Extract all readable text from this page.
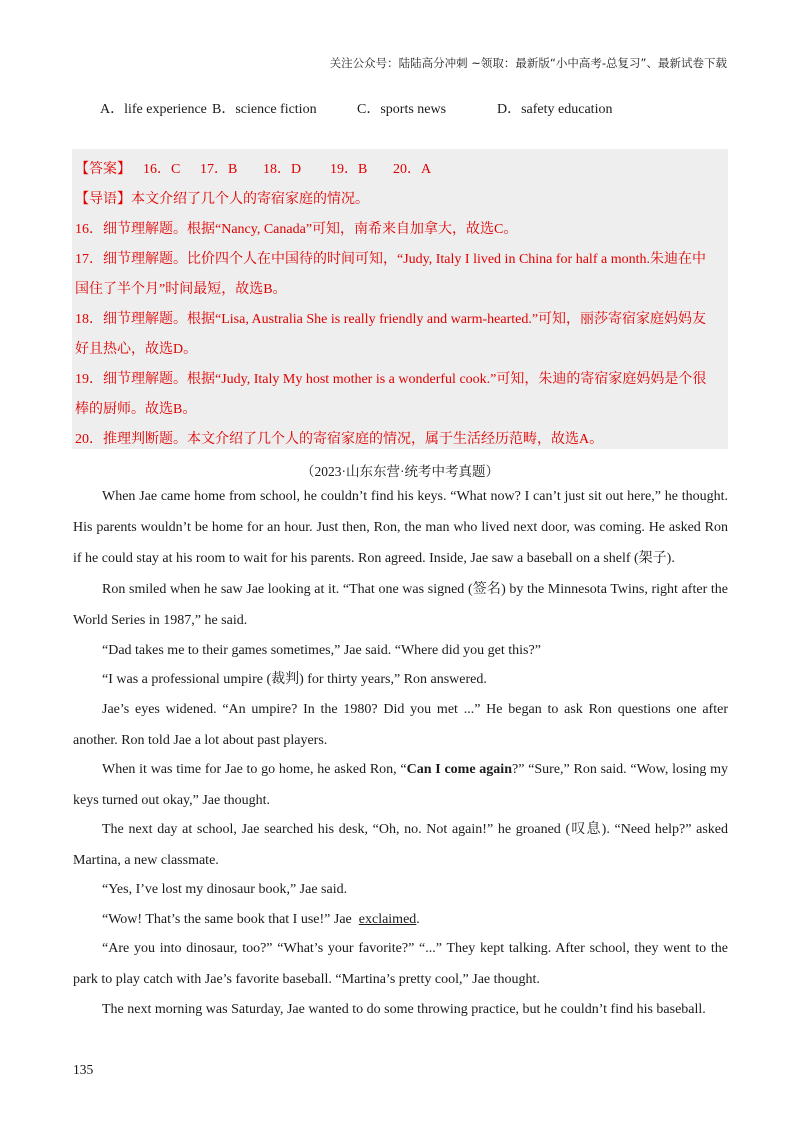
关注公众号：陆陆高分冲刺 ~领取：最新版“小中高考-总复习”、最新试卷下载
A．life experience B．science fiction	C．sports news	D．safety education
【答案】 16．C 17．B 18．D 19．B 20．A
【导语】本文介绍了几个人的寄宿家庭的情况。
16．细节理解题。根据“Nancy, Canada”可知，南希来自加拿大，故选C。
17．细节理解题。比价四个人在中国待的时间可知，“Judy, Italy I lived in China for half a month.朱迪在中
国住了半个月”时间最短，故选B。
18．细节理解题。根据“Lisa, Australia She is really friendly and warm-hearted.”可知，丽莎寄宿家庭妈妈友
好且热心，故选D。
19．细节理解题。根据“Judy, Italy My host mother is a wonderful cook.”可知，朱迪的寄宿家庭妈妈是个很
棒的厨师。故选B。
20．推理判断题。本文介绍了几个人的寄宿家庭的情况，属于生活经历范畴，故选A。
（2023·山东东营·统考中考真题）

When Jae came home from school, he couldn’t find his keys. “What now? I can’t just sit out here,” he thought. His parents wouldn’t be home for an hour. Just then, Ron, the man who lived next door, was coming. He asked Ron if he could stay at his room to wait for his parents. Ron agreed. Inside, Jae saw a baseball on a shelf (架子).

Ron smiled when he saw Jae looking at it. “That one was signed (签名) by the Minnesota Twins, right after the World Series in 1987,” he said.

“Dad takes me to their games sometimes,” Jae said. “Where did you get this?”

“I was a professional umpire (裁判) for thirty years,” Ron answered.

Jae’s eyes widened. “An umpire? In the 1980? Did you met ...” He began to ask Ron questions one after another. Ron told Jae a lot about past players.

When it was time for Jae to go home, he asked Ron, “Can I come again?” “Sure,” Ron said. “Wow, losing my keys turned out okay,” Jae thought.

The next day at school, Jae searched his desk, “Oh, no. Not again!” he groaned (叹息). “Need help?” asked Martina, a new classmate.

“Yes, I’ve lost my dinosaur book,” Jae said.

“Wow! That’s the same book that I use!” Jae exclaimed.

“Are you into dinosaur, too?” “What’s your favorite?” “...” They kept talking. After school, they went to the park to play catch with Jae’s favorite baseball. “Martina’s pretty cool,” Jae thought.

The next morning was Saturday, Jae wanted to do some throwing practice, but he couldn’t find his baseball.

135
